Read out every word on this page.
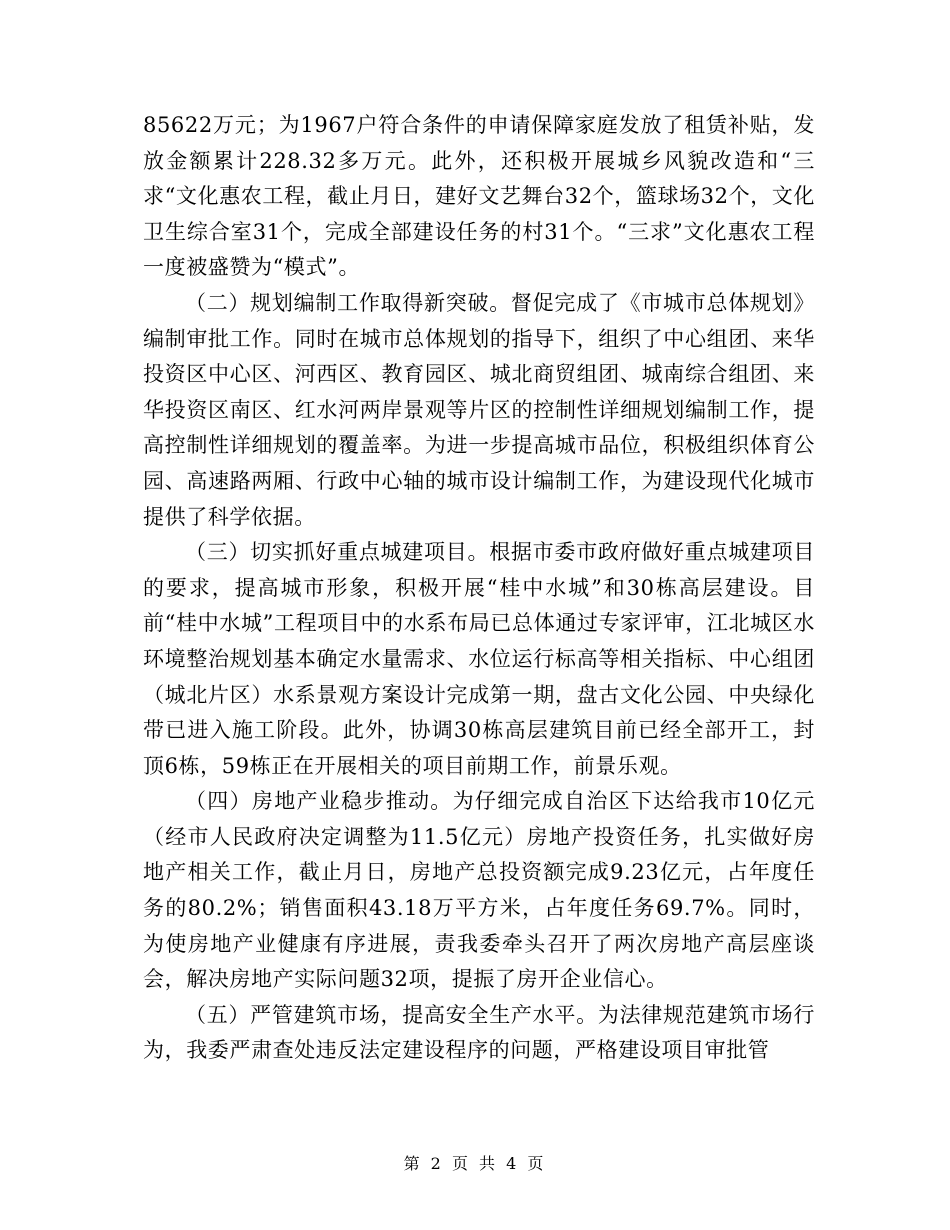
85622万元；为1967户符合条件的申请保障家庭发放了租赁补贴，发放金额累计228.32多万元。此外，还积极开展城乡风貌改造和“三求“文化惠农工程，截止月日，建好文艺舞台32个，篮球场32个，文化卫生综合室31个，完成全部建设任务的村31个。“三求”文化惠农工程一度被盛赞为“模式”。

（二）规划编制工作取得新突破。督促完成了《市城市总体规划》编制审批工作。同时在城市总体规划的指导下，组织了中心组团、来华投资区中心区、河西区、教育园区、城北商贸组团、城南综合组团、来华投资区南区、红水河两岸景观等片区的控制性详细规划编制工作，提高控制性详细规划的覆盖率。为进一步提高城市品位，积极组织体育公园、高速路两厢、行政中心轴的城市设计编制工作，为建设现代化城市提供了科学依据。

（三）切实抓好重点城建项目。根据市委市政府做好重点城建项目的要求，提高城市形象，积极开展“桂中水城”和30栋高层建设。目前“桂中水城”工程项目中的水系布局已总体通过专家评审，江北城区水环境整治规划基本确定水量需求、水位运行标高等相关指标、中心组团（城北片区）水系景观方案设计完成第一期，盘古文化公园、中央绿化带已进入施工阶段。此外，协调30栋高层建筑目前已经全部开工，封顶6栋，59栋正在开展相关的项目前期工作，前景乐观。

（四）房地产业稳步推动。为仔细完成自治区下达给我市10亿元（经市人民政府决定调整为11.5亿元）房地产投资任务，扎实做好房地产相关工作，截止月日，房地产总投资额完成9.23亿元，占年度任务的80.2%；销售面积43.18万平方米，占年度任务69.7%。同时，为使房地产业健康有序进展，责我委牵头召开了两次房地产高层座谈会，解决房地产实际问题32项，提振了房开企业信心。

（五）严管建筑市场，提高安全生产水平。为法律规范建筑市场行为，我委严肃查处违反法定建设程序的问题，严格建设项目审批管

第 2 页 共 4 页
